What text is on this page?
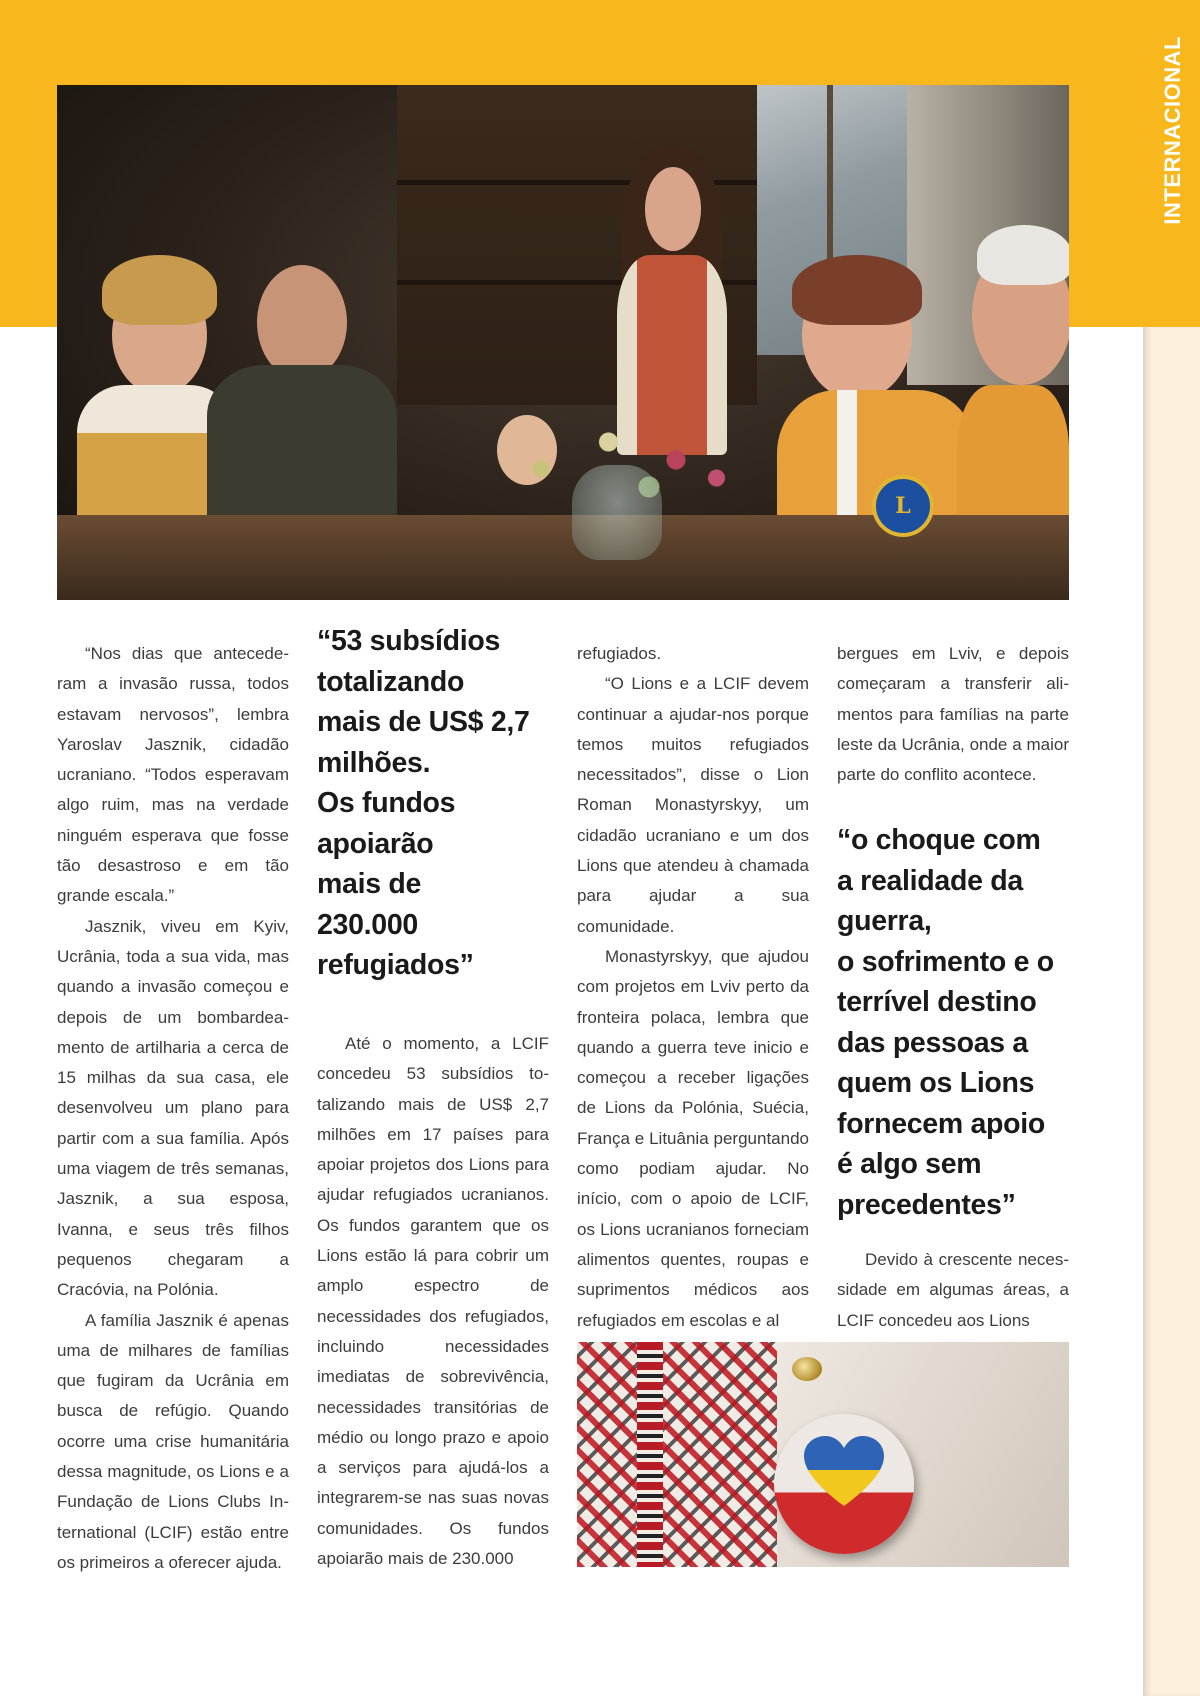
INTERNACIONAL
L

“Nos dias que antecederam a invasão russa, todos estavam nervosos”, lembra Yaroslav Jasznik, cidadão ucraniano. “Todos esperavam algo ruim, mas na verdade ninguém esperava que fosse tão desastroso e em tão grande escala.”

Jasznik, viveu em Kyiv, Ucrânia, toda a sua vida, mas quando a invasão começou e depois de um bombardeamento de artilharia a cerca de 15 milhas da sua casa, ele desenvolveu um plano para partir com a sua família. Após uma viagem de três semanas, Jasznik, a sua esposa, Ivanna, e seus três filhos pequenos chegaram a Cracóvia, na Polónia.

A família Jasznik é apenas uma de milhares de famílias que fugiram da Ucrânia em busca de refúgio. Quando ocorre uma crise humanitária dessa magnitude, os Lions e a Fundação de Lions Clubs International (LCIF) estão entre os primeiros a oferecer ajuda.

“53 subsídios
totalizando
mais de US$ 2,7
milhões.
Os fundos
apoiarão
mais de
230.000
refugiados”

Até o momento, a LCIF concedeu 53 subsídios totalizando mais de US$ 2,7 milhões em 17 países para apoiar projetos dos Lions para ajudar refugiados ucranianos. Os fundos garantem que os Lions estão lá para cobrir um amplo espectro de necessidades dos refugiados, incluindo necessidades imediatas de sobrevivência, necessidades transitórias de médio ou longo prazo e apoio a serviços para ajudá-los a integrarem-se nas suas novas comunidades. Os fundos apoiarão mais de 230.000

refugiados.

“O Lions e a LCIF devem continuar a ajudar-nos porque temos muitos refugiados necessitados”, disse o Lion Roman Monastyrskyy, um cidadão ucraniano e um dos Lions que atendeu à chamada para ajudar a sua comunidade.

Monastyrskyy, que ajudou com projetos em Lviv perto da fronteira polaca, lembra que quando a guerra teve inicio e começou a receber ligações de Lions da Polónia, Suécia, França e Lituânia perguntando como podiam ajudar. No início, com o apoio de LCIF, os Lions ucranianos forneciam alimentos quentes, roupas e suprimentos médicos aos refugiados em escolas e al

bergues em Lviv, e depois começaram a transferir alimentos para famílias na parte leste da Ucrânia, onde a maior parte do conflito acontece.

“o choque com
a realidade da
guerra,
o sofrimento e o
terrível destino
das pessoas a
quem os Lions
fornecem apoio
é algo sem
precedentes”

Devido à crescente necessidade em algumas áreas, a LCIF concedeu aos Lions
